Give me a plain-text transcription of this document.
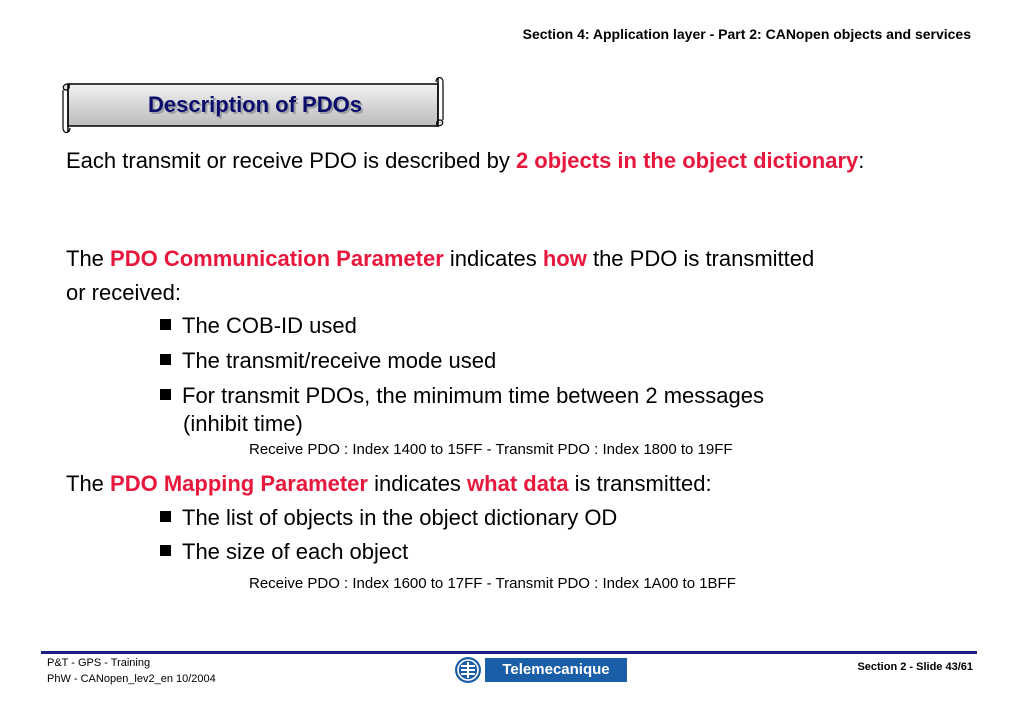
Section 4: Application layer - Part 2: CANopen objects and services
Description of PDOs
Each transmit or receive PDO is described by 2 objects in the object dictionary:
The PDO Communication Parameter indicates how the PDO is transmitted
or received:
The COB-ID used
The transmit/receive mode used
For transmit PDOs, the minimum time between 2 messages
(inhibit time)
Receive PDO : Index 1400 to 15FF - Transmit PDO : Index 1800 to 19FF
The PDO Mapping Parameter indicates what data is transmitted:
The list of objects in the object dictionary OD
The size of each object
Receive PDO : Index 1600 to 17FF - Transmit PDO : Index 1A00 to 1BFF
P&T - GPS - Training
PhW - CANopen_lev2_en 10/2004
Telemecanique	Section 2 - Slide 43/61
